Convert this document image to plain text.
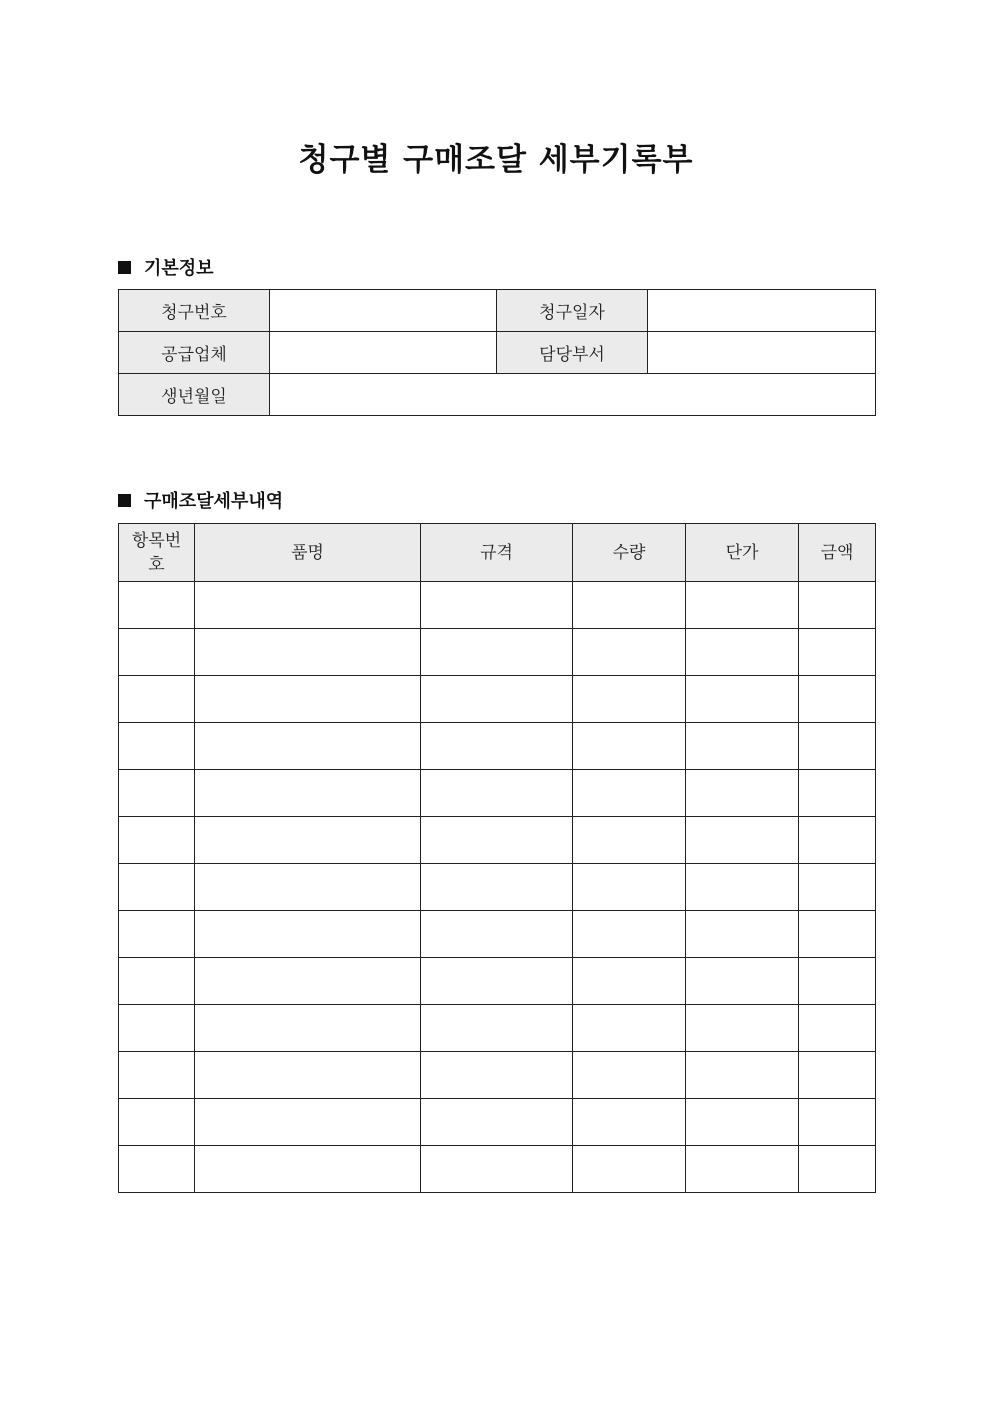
청구별 구매조달 세부기록부
기본정보
청구번호		청구일자	
공급업체		담당부서	
생년월일			
구매조달세부내역
항목번호	품명	규격	수량	단가	금액
